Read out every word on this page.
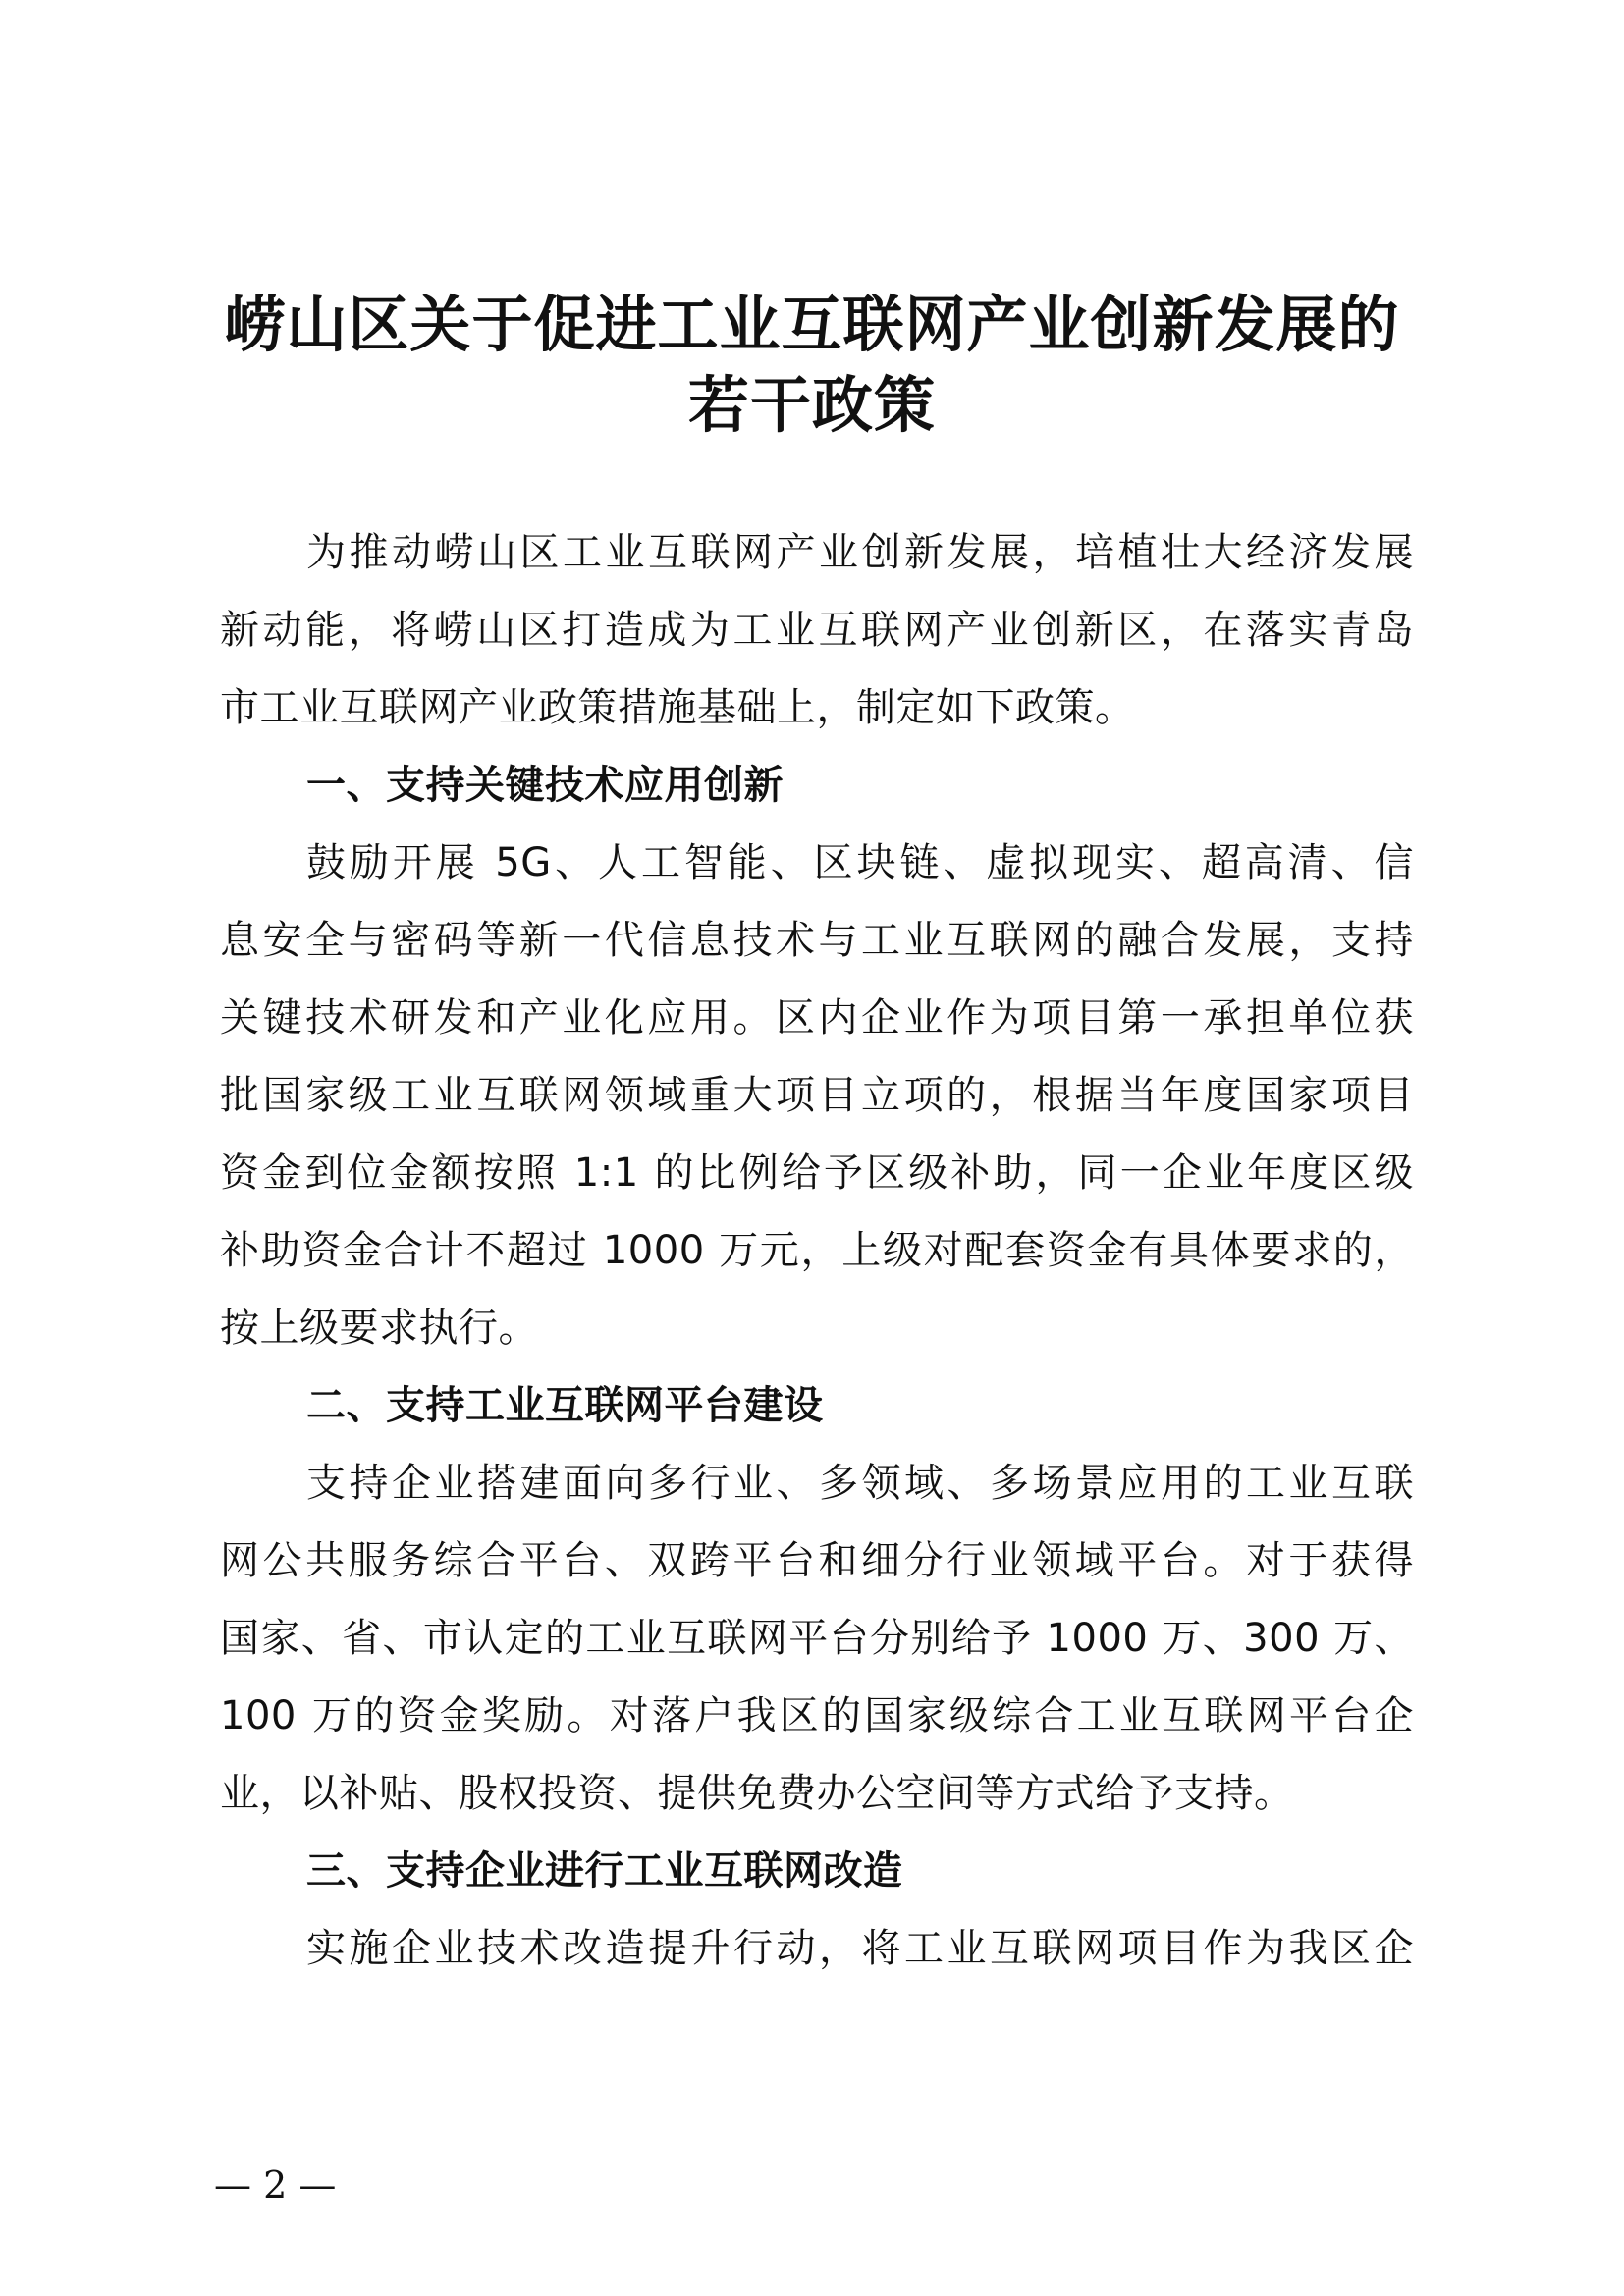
崂山区关于促进工业互联网产业创新发展的
若干政策
为推动崂山区工业互联网产业创新发展，培植壮大经济发展
新动能，将崂山区打造成为工业互联网产业创新区，在落实青岛
市工业互联网产业政策措施基础上，制定如下政策。
一、支持关键技术应用创新
鼓励开展 5G、人工智能、区块链、虚拟现实、超高清、信
息安全与密码等新一代信息技术与工业互联网的融合发展，支持
关键技术研发和产业化应用。区内企业作为项目第一承担单位获
批国家级工业互联网领域重大项目立项的，根据当年度国家项目
资金到位金额按照 1:1 的比例给予区级补助，同一企业年度区级
补助资金合计不超过 1000 万元，上级对配套资金有具体要求的，
按上级要求执行。
二、支持工业互联网平台建设
支持企业搭建面向多行业、多领域、多场景应用的工业互联
网公共服务综合平台、双跨平台和细分行业领域平台。对于获得
国家、省、市认定的工业互联网平台分别给予 1000 万、300 万、
100 万的资金奖励。对落户我区的国家级综合工业互联网平台企
业，以补贴、股权投资、提供免费办公空间等方式给予支持。
三、支持企业进行工业互联网改造
实施企业技术改造提升行动，将工业互联网项目作为我区企
— 2 —
